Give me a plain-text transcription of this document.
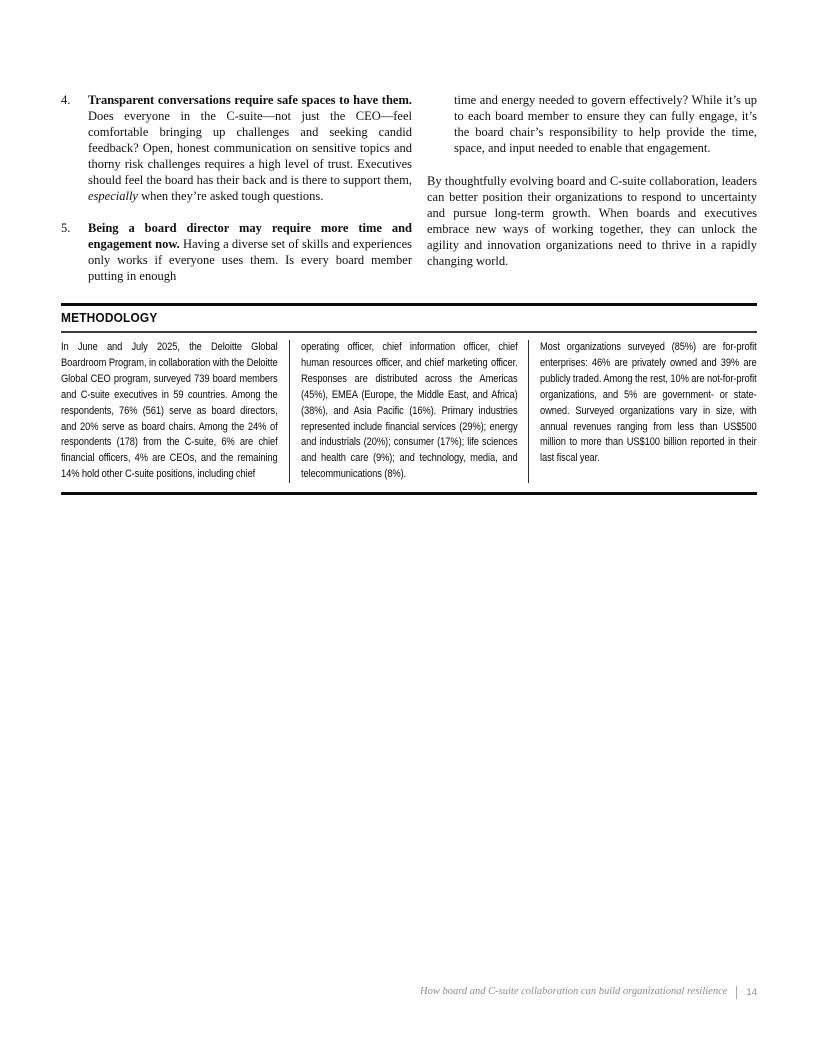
4.	Transparent conversations require safe spaces to have them. Does everyone in the C-suite—not just the CEO—feel comfortable bringing up challenges and seeking candid feedback? Open, honest communication on sensitive topics and thorny risk challenges requires a high level of trust. Executives should feel the board has their back and is there to support them, especially when they’re asked tough questions.
5.	Being a board director may require more time and engagement now. Having a diverse set of skills and experiences only works if everyone uses them. Is every board member putting in enough

time and energy needed to govern effectively? While it’s up to each board member to ensure they can fully engage, it’s the board chair’s responsibility to help provide the time, space, and input needed to enable that engagement.

By thoughtfully evolving board and C-suite collaboration, leaders can better position their organizations to respond to uncertainty and pursue long-term growth. When boards and executives embrace new ways of working together, they can unlock the agility and innovation organizations need to thrive in a rapidly changing world.

METHODOLOGY
In June and July 2025, the Deloitte Global Boardroom Program, in collaboration with the Deloitte Global CEO program, surveyed 739 board members and C-suite executives in 59 countries. Among the respondents, 76% (561) serve as board directors, and 20% serve as board chairs. Among the 24% of respondents (178) from the C-suite, 6% are chief financial officers, 4% are CEOs, and the remaining 14% hold other C-suite positions, including chief
operating officer, chief information officer, chief human resources officer, and chief marketing officer. Responses are distributed across the Americas (45%), EMEA (Europe, the Middle East, and Africa) (38%), and Asia Pacific (16%). Primary industries represented include financial services (29%); energy and industrials (20%); consumer (17%); life sciences and health care (9%); and technology, media, and telecommunications (8%).
Most organizations surveyed (85%) are for-profit enterprises: 46% are privately owned and 39% are publicly traded. Among the rest, 10% are not-for-profit organizations, and 5% are government- or state-owned. Surveyed organizations vary in size, with annual revenues ranging from less than US$500 million to more than US$100 billion reported in their last fiscal year.
How board and C-suite collaboration can build organizational resilience 14
